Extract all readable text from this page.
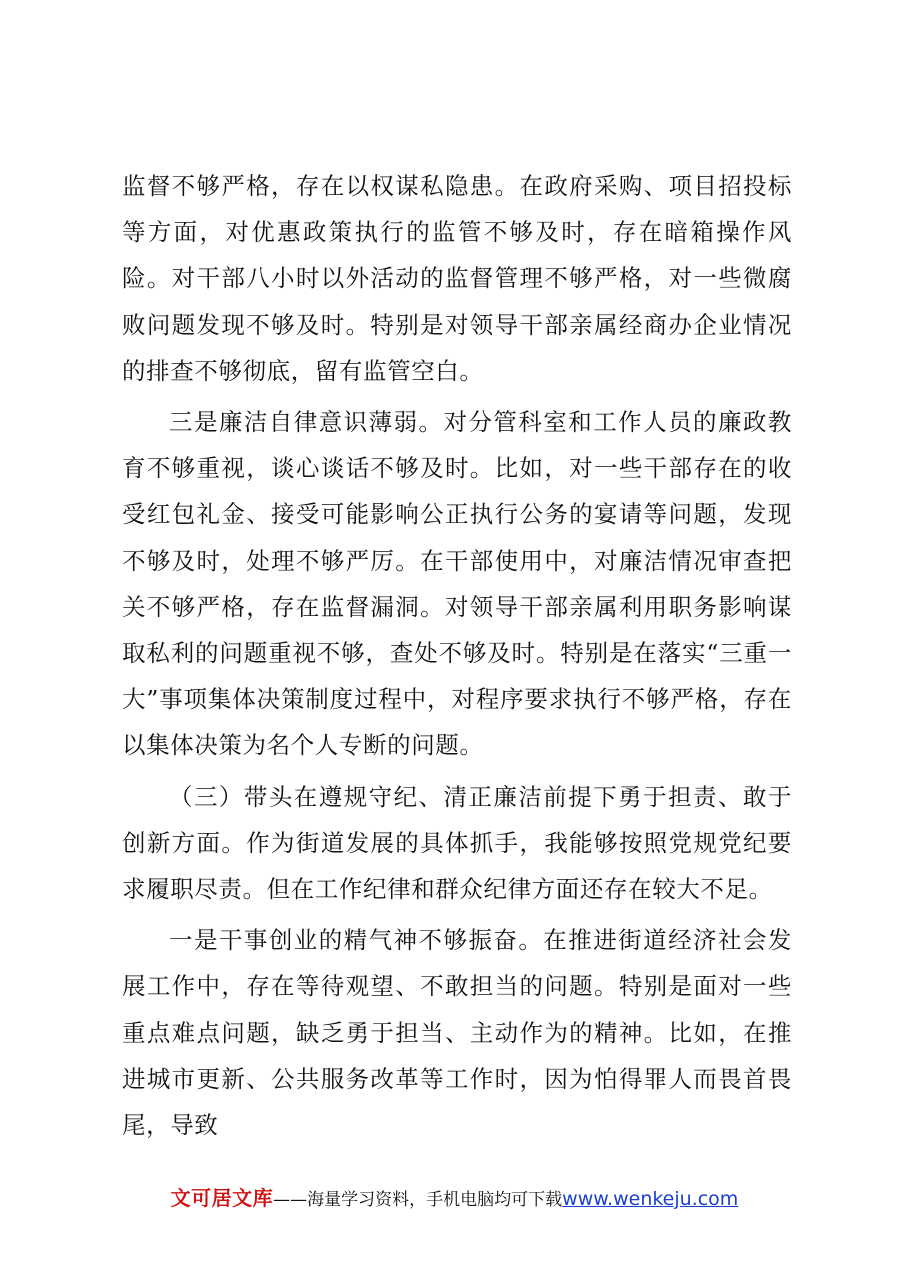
监督不够严格，存在以权谋私隐患。在政府采购、项目招投标等方面，对优惠政策执行的监管不够及时，存在暗箱操作风险。对干部八小时以外活动的监督管理不够严格，对一些微腐败问题发现不够及时。特别是对领导干部亲属经商办企业情况的排查不够彻底，留有监管空白。

三是廉洁自律意识薄弱。对分管科室和工作人员的廉政教育不够重视，谈心谈话不够及时。比如，对一些干部存在的收受红包礼金、接受可能影响公正执行公务的宴请等问题，发现不够及时，处理不够严厉。在干部使用中，对廉洁情况审查把关不够严格，存在监督漏洞。对领导干部亲属利用职务影响谋取私利的问题重视不够，查处不够及时。特别是在落实“三重一大”事项集体决策制度过程中，对程序要求执行不够严格，存在以集体决策为名个人专断的问题。

（三）带头在遵规守纪、清正廉洁前提下勇于担责、敢于创新方面。作为街道发展的具体抓手，我能够按照党规党纪要求履职尽责。但在工作纪律和群众纪律方面还存在较大不足。

一是干事创业的精气神不够振奋。在推进街道经济社会发展工作中，存在等待观望、不敢担当的问题。特别是面对一些重点难点问题，缺乏勇于担当、主动作为的精神。比如，在推进城市更新、公共服务改革等工作时，因为怕得罪人而畏首畏尾，导致

文可居文库——海量学习资料，手机电脑均可下载www.wenkeju.com
